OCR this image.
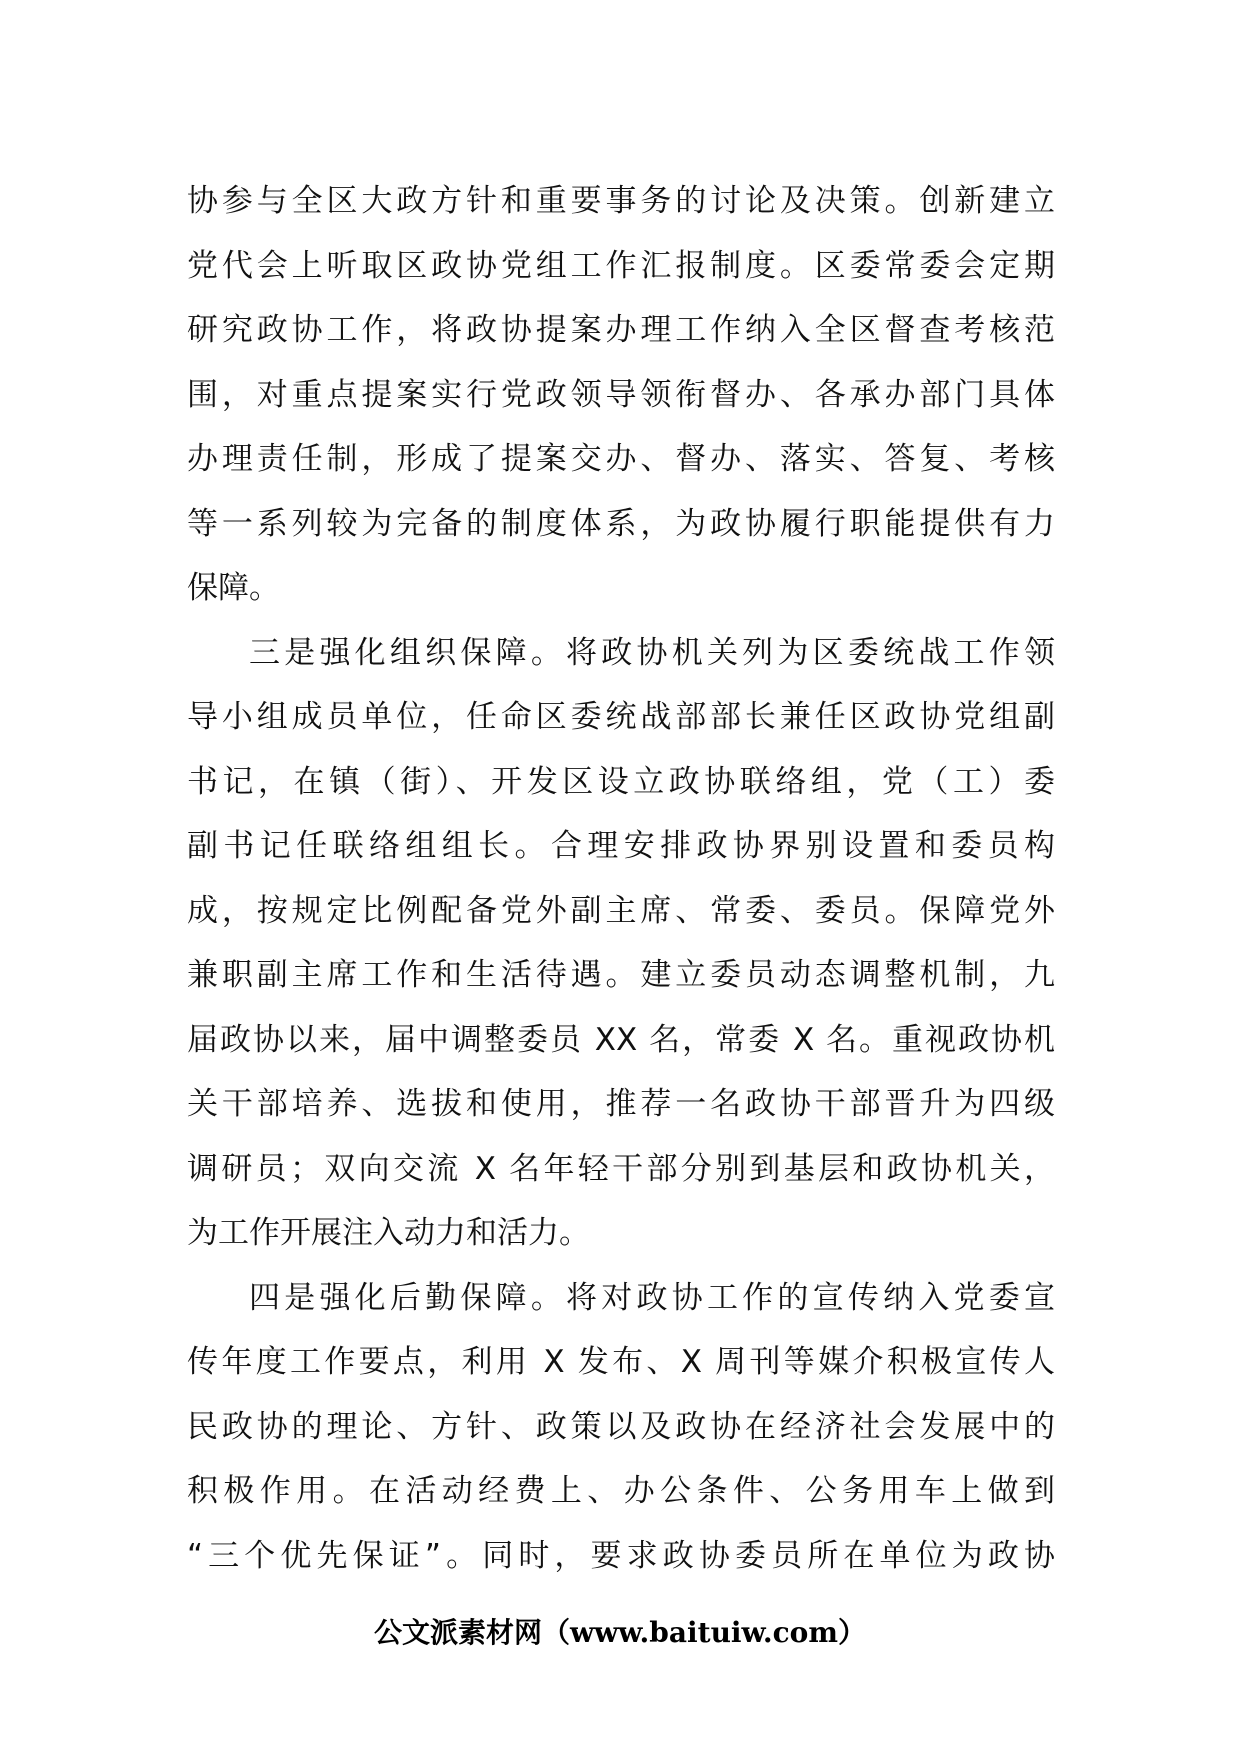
协参与全区大政方针和重要事务的讨论及决策。创新建立
党代会上听取区政协党组工作汇报制度。区委常委会定期
研究政协工作，将政协提案办理工作纳入全区督查考核范
围，对重点提案实行党政领导领衔督办、各承办部门具体
办理责任制，形成了提案交办、督办、落实、答复、考核
等一系列较为完备的制度体系，为政协履行职能提供有力
保障。
三是强化组织保障。将政协机关列为区委统战工作领
导小组成员单位，任命区委统战部部长兼任区政协党组副
书记，在镇（街）、开发区设立政协联络组，党（工）委
副书记任联络组组长。合理安排政协界别设置和委员构
成，按规定比例配备党外副主席、常委、委员。保障党外
兼职副主席工作和生活待遇。建立委员动态调整机制，九
届政协以来，届中调整委员 XX 名，常委 X 名。重视政协机
关干部培养、选拔和使用，推荐一名政协干部晋升为四级
调研员；双向交流 X 名年轻干部分别到基层和政协机关，
为工作开展注入动力和活力。
四是强化后勤保障。将对政协工作的宣传纳入党委宣
传年度工作要点，利用 X 发布、X 周刊等媒介积极宣传人
民政协的理论、方针、政策以及政协在经济社会发展中的
积极作用。在活动经费上、办公条件、公务用车上做到
“三个优先保证”。同时，要求政协委员所在单位为政协
公文派素材网（www.baituiw.com）
